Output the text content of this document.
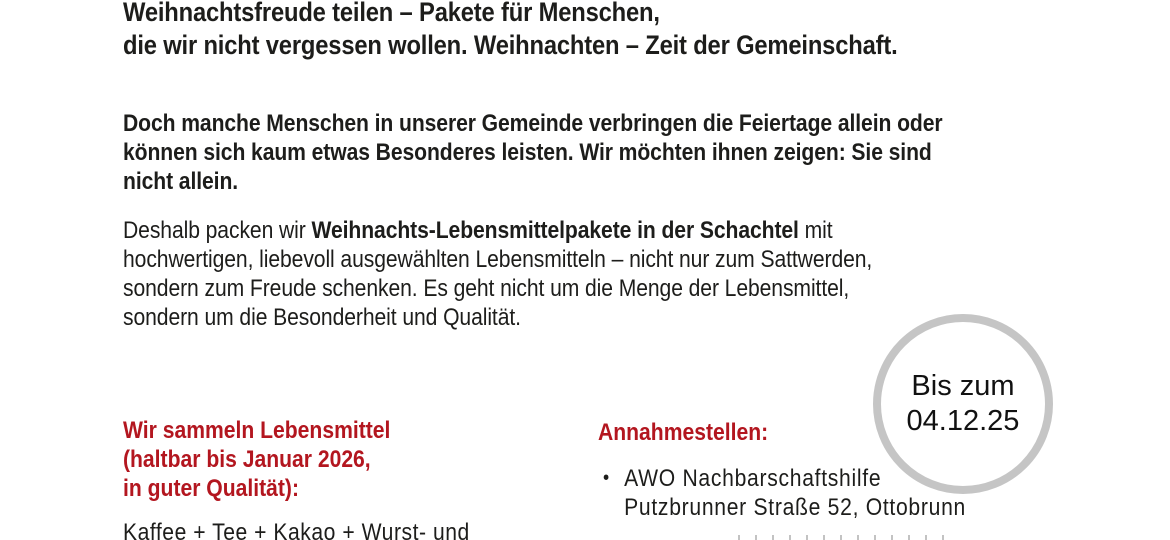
Weihnachtsfreude teilen – Pakete für Menschen,
die wir nicht vergessen wollen. Weihnachten – Zeit der Gemeinschaft.
Doch manche Menschen in unserer Gemeinde verbringen die Feiertage allein oder
können sich kaum etwas Besonderes leisten. Wir möchten ihnen zeigen: Sie sind
nicht allein.
Deshalb packen wir Weihnachts-Lebensmittelpakete in der Schachtel mit
hochwertigen, liebevoll ausgewählten Lebensmitteln – nicht nur zum Sattwerden,
sondern zum Freude schenken. Es geht nicht um die Menge der Lebensmittel,
sondern um die Besonderheit und Qualität.
Bis zum
04.12.25
Wir sammeln Lebensmittel
(haltbar bis Januar 2026,
in guter Qualität):
Kaffee + Tee + Kakao + Wurst- und
Annahmestellen:
• AWO Nachbarschaftshilfe
Putzbrunner Straße 52, Ottobrunn
